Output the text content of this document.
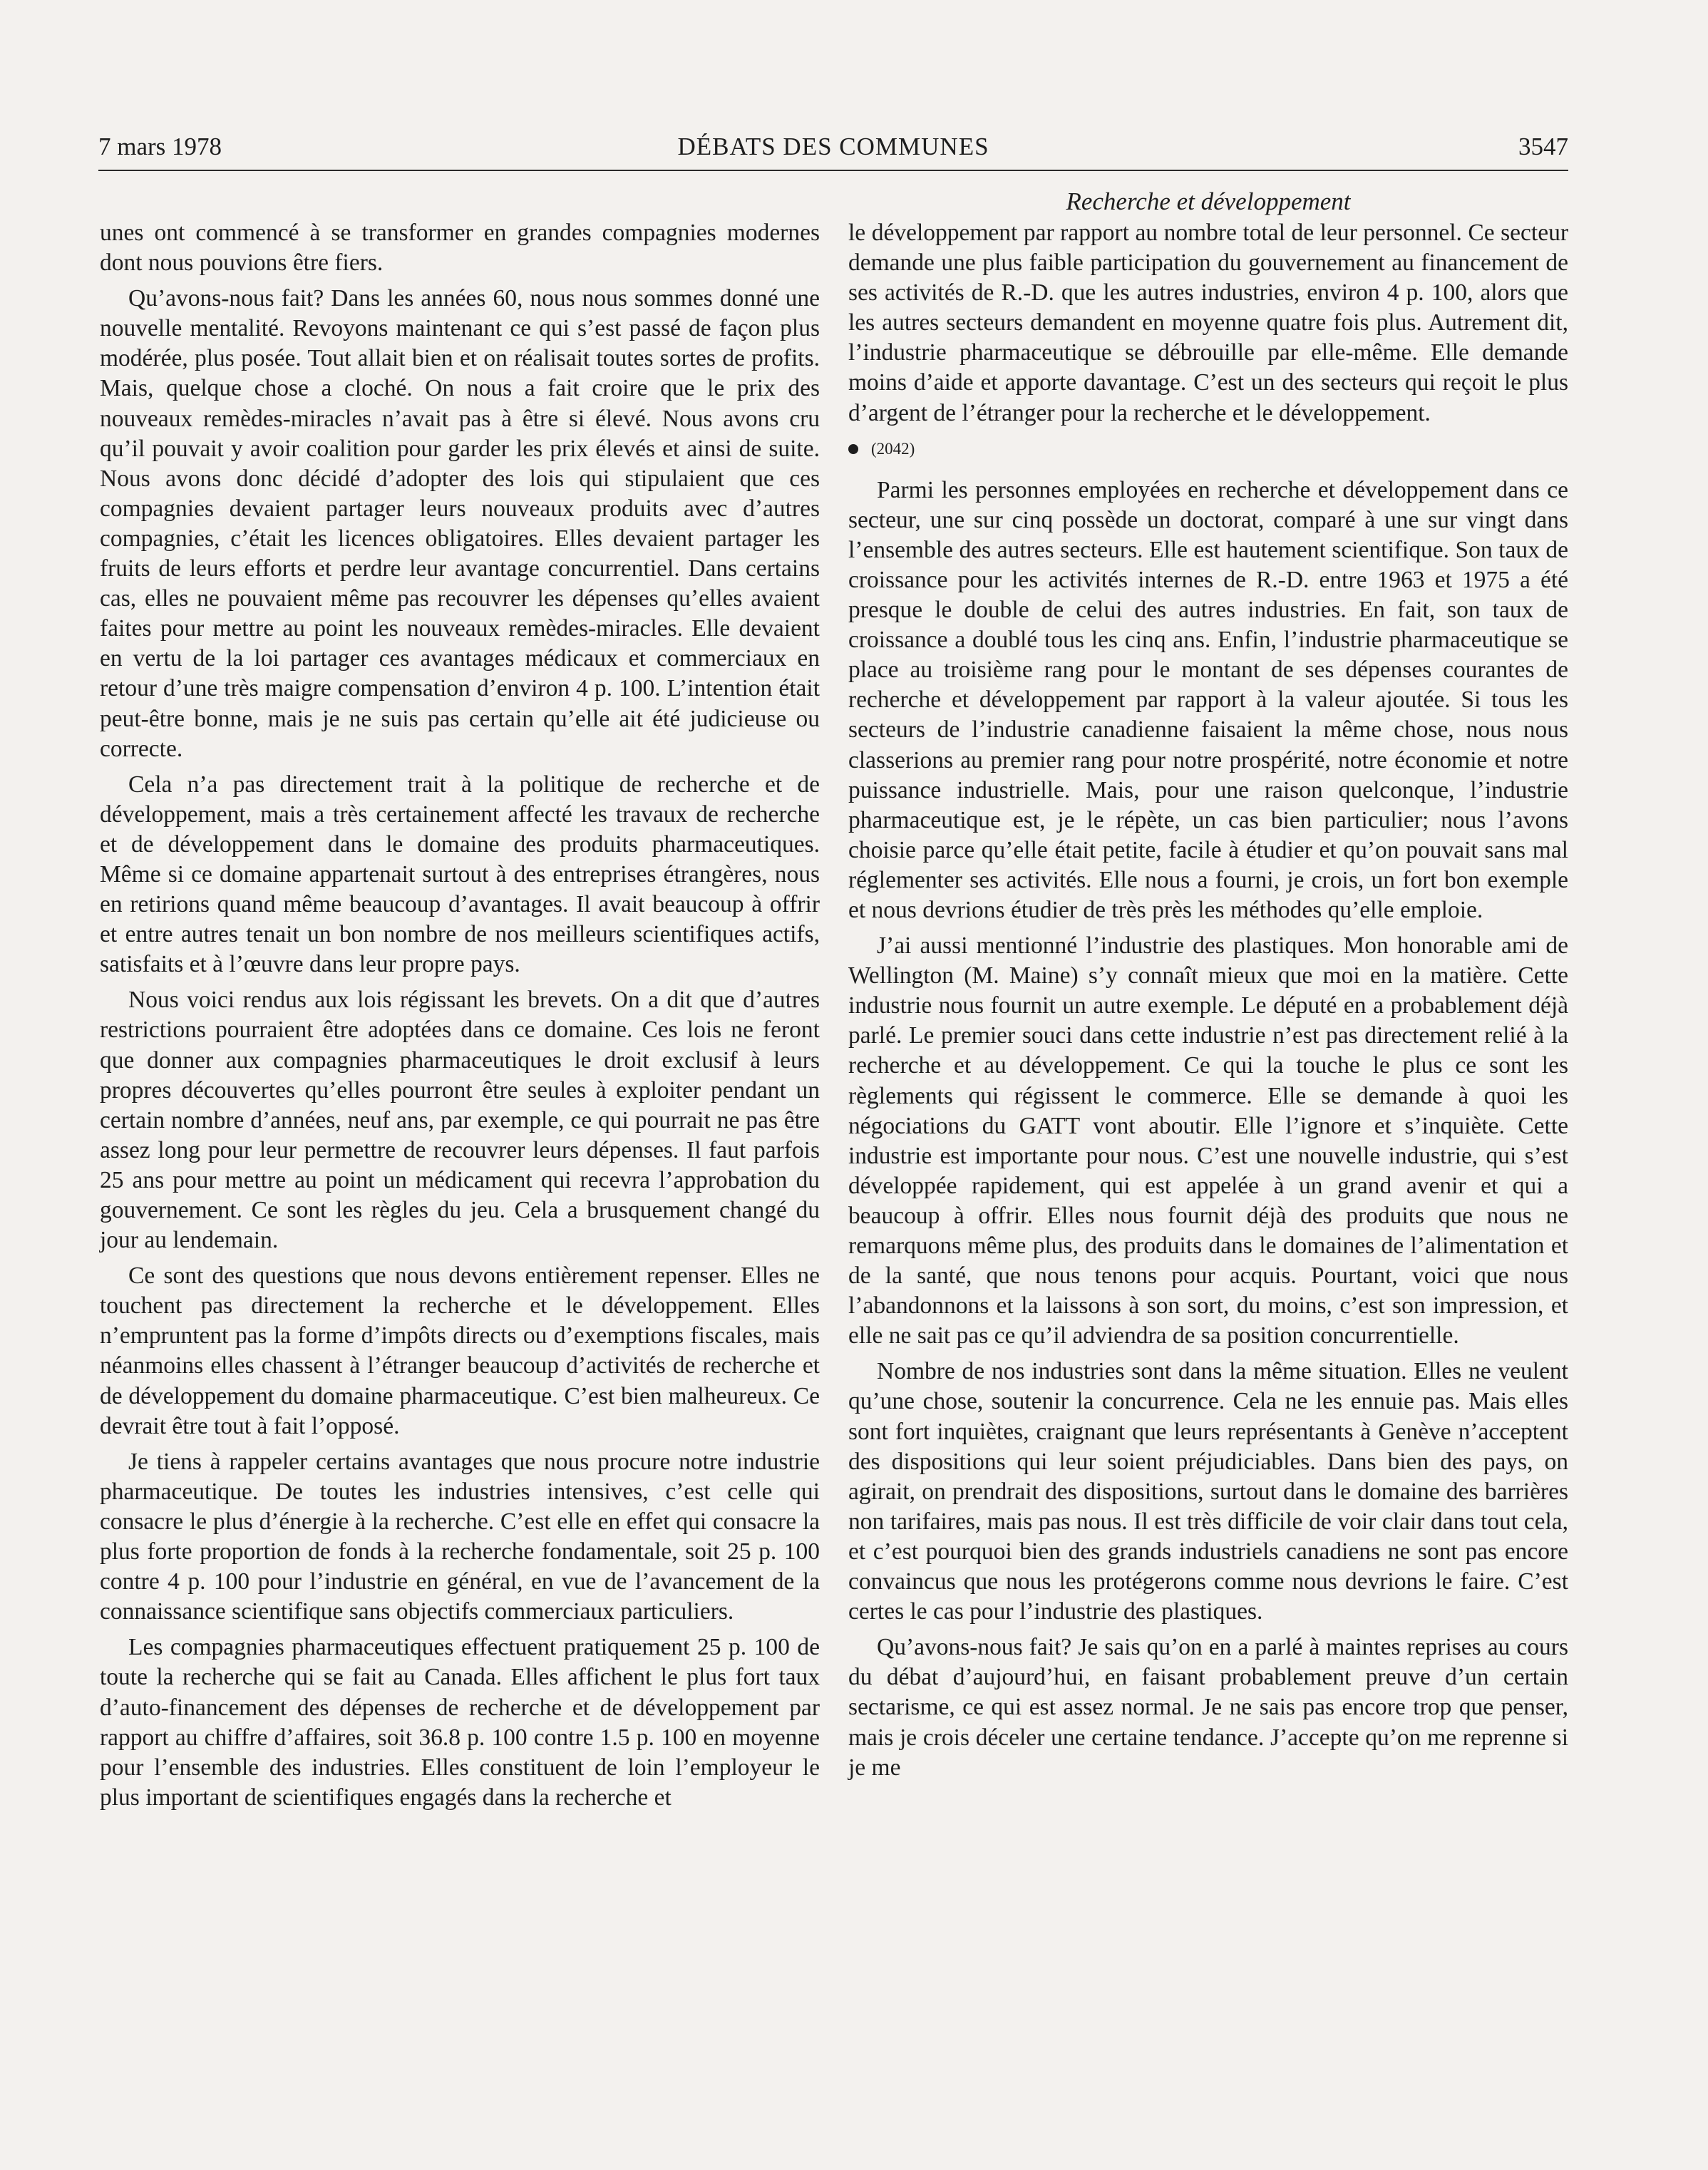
7 mars 1978	DÉBATS DES COMMUNES	3547
Recherche et développement

unes ont commencé à se transformer en grandes compagnies modernes dont nous pouvions être fiers.

Qu’avons-nous fait? Dans les années 60, nous nous sommes donné une nouvelle mentalité. Revoyons maintenant ce qui s’est passé de façon plus modérée, plus posée. Tout allait bien et on réalisait toutes sortes de profits. Mais, quelque chose a cloché. On nous a fait croire que le prix des nouveaux remèdes-miracles n’avait pas à être si élevé. Nous avons cru qu’il pouvait y avoir coalition pour garder les prix élevés et ainsi de suite. Nous avons donc décidé d’adopter des lois qui stipulaient que ces compagnies devaient partager leurs nouveaux produits avec d’autres compagnies, c’était les licences obligatoires. Elles devaient partager les fruits de leurs efforts et perdre leur avantage concurrentiel. Dans certains cas, elles ne pouvaient même pas recouvrer les dépenses qu’elles avaient faites pour mettre au point les nouveaux remèdes-miracles. Elle devaient en vertu de la loi partager ces avantages médicaux et commerciaux en retour d’une très maigre compensation d’environ 4 p. 100. L’intention était peut-être bonne, mais je ne suis pas certain qu’elle ait été judicieuse ou correcte.

Cela n’a pas directement trait à la politique de recherche et de développement, mais a très certainement affecté les travaux de recherche et de développement dans le domaine des produits pharmaceutiques. Même si ce domaine appartenait surtout à des entreprises étrangères, nous en retirions quand même beaucoup d’avantages. Il avait beaucoup à offrir et entre autres tenait un bon nombre de nos meilleurs scientifiques actifs, satisfaits et à l’œuvre dans leur propre pays.

Nous voici rendus aux lois régissant les brevets. On a dit que d’autres restrictions pourraient être adoptées dans ce domaine. Ces lois ne feront que donner aux compagnies pharmaceutiques le droit exclusif à leurs propres découvertes qu’elles pourront être seules à exploiter pendant un certain nombre d’années, neuf ans, par exemple, ce qui pourrait ne pas être assez long pour leur permettre de recouvrer leurs dépenses. Il faut parfois 25 ans pour mettre au point un médicament qui recevra l’approbation du gouvernement. Ce sont les règles du jeu. Cela a brusquement changé du jour au lendemain.

Ce sont des questions que nous devons entièrement repenser. Elles ne touchent pas directement la recherche et le développement. Elles n’empruntent pas la forme d’impôts directs ou d’exemptions fiscales, mais néanmoins elles chassent à l’étranger beaucoup d’activités de recherche et de développement du domaine pharmaceutique. C’est bien malheureux. Ce devrait être tout à fait l’opposé.

Je tiens à rappeler certains avantages que nous procure notre industrie pharmaceutique. De toutes les industries intensives, c’est celle qui consacre le plus d’énergie à la recherche. C’est elle en effet qui consacre la plus forte proportion de fonds à la recherche fondamentale, soit 25 p. 100 contre 4 p. 100 pour l’industrie en général, en vue de l’avancement de la connaissance scientifique sans objectifs commerciaux particuliers.

Les compagnies pharmaceutiques effectuent pratiquement 25 p. 100 de toute la recherche qui se fait au Canada. Elles affichent le plus fort taux d’auto-financement des dépenses de recherche et de développement par rapport au chiffre d’affaires, soit 36.8 p. 100 contre 1.5 p. 100 en moyenne pour l’ensemble des industries. Elles constituent de loin l’employeur le plus important de scientifiques engagés dans la recherche et

le développement par rapport au nombre total de leur personnel. Ce secteur demande une plus faible participation du gouvernement au financement de ses activités de R.-D. que les autres industries, environ 4 p. 100, alors que les autres secteurs demandent en moyenne quatre fois plus. Autrement dit, l’industrie pharmaceutique se débrouille par elle-même. Elle demande moins d’aide et apporte davantage. C’est un des secteurs qui reçoit le plus d’argent de l’étranger pour la recherche et le développement.

(2042)

Parmi les personnes employées en recherche et développement dans ce secteur, une sur cinq possède un doctorat, comparé à une sur vingt dans l’ensemble des autres secteurs. Elle est hautement scientifique. Son taux de croissance pour les activités internes de R.-D. entre 1963 et 1975 a été presque le double de celui des autres industries. En fait, son taux de croissance a doublé tous les cinq ans. Enfin, l’industrie pharmaceutique se place au troisième rang pour le montant de ses dépenses courantes de recherche et développement par rapport à la valeur ajoutée. Si tous les secteurs de l’industrie canadienne faisaient la même chose, nous nous classerions au premier rang pour notre prospérité, notre économie et notre puissance industrielle. Mais, pour une raison quelconque, l’industrie pharmaceutique est, je le répète, un cas bien particulier; nous l’avons choisie parce qu’elle était petite, facile à étudier et qu’on pouvait sans mal réglementer ses activités. Elle nous a fourni, je crois, un fort bon exemple et nous devrions étudier de très près les méthodes qu’elle emploie.

J’ai aussi mentionné l’industrie des plastiques. Mon honorable ami de Wellington (M. Maine) s’y connaît mieux que moi en la matière. Cette industrie nous fournit un autre exemple. Le député en a probablement déjà parlé. Le premier souci dans cette industrie n’est pas directement relié à la recherche et au développement. Ce qui la touche le plus ce sont les règlements qui régissent le commerce. Elle se demande à quoi les négociations du GATT vont aboutir. Elle l’ignore et s’inquiète. Cette industrie est importante pour nous. C’est une nouvelle industrie, qui s’est développée rapidement, qui est appelée à un grand avenir et qui a beaucoup à offrir. Elles nous fournit déjà des produits que nous ne remarquons même plus, des produits dans le domaines de l’alimentation et de la santé, que nous tenons pour acquis. Pourtant, voici que nous l’abandonnons et la laissons à son sort, du moins, c’est son impression, et elle ne sait pas ce qu’il adviendra de sa position concurrentielle.

Nombre de nos industries sont dans la même situation. Elles ne veulent qu’une chose, soutenir la concurrence. Cela ne les ennuie pas. Mais elles sont fort inquiètes, craignant que leurs représentants à Genève n’acceptent des dispositions qui leur soient préjudiciables. Dans bien des pays, on agirait, on prendrait des dispositions, surtout dans le domaine des barrières non tarifaires, mais pas nous. Il est très difficile de voir clair dans tout cela, et c’est pourquoi bien des grands industriels canadiens ne sont pas encore convaincus que nous les protégerons comme nous devrions le faire. C’est certes le cas pour l’industrie des plastiques.

Qu’avons-nous fait? Je sais qu’on en a parlé à maintes reprises au cours du débat d’aujourd’hui, en faisant probablement preuve d’un certain sectarisme, ce qui est assez normal. Je ne sais pas encore trop que penser, mais je crois déceler une certaine tendance. J’accepte qu’on me reprenne si je me
